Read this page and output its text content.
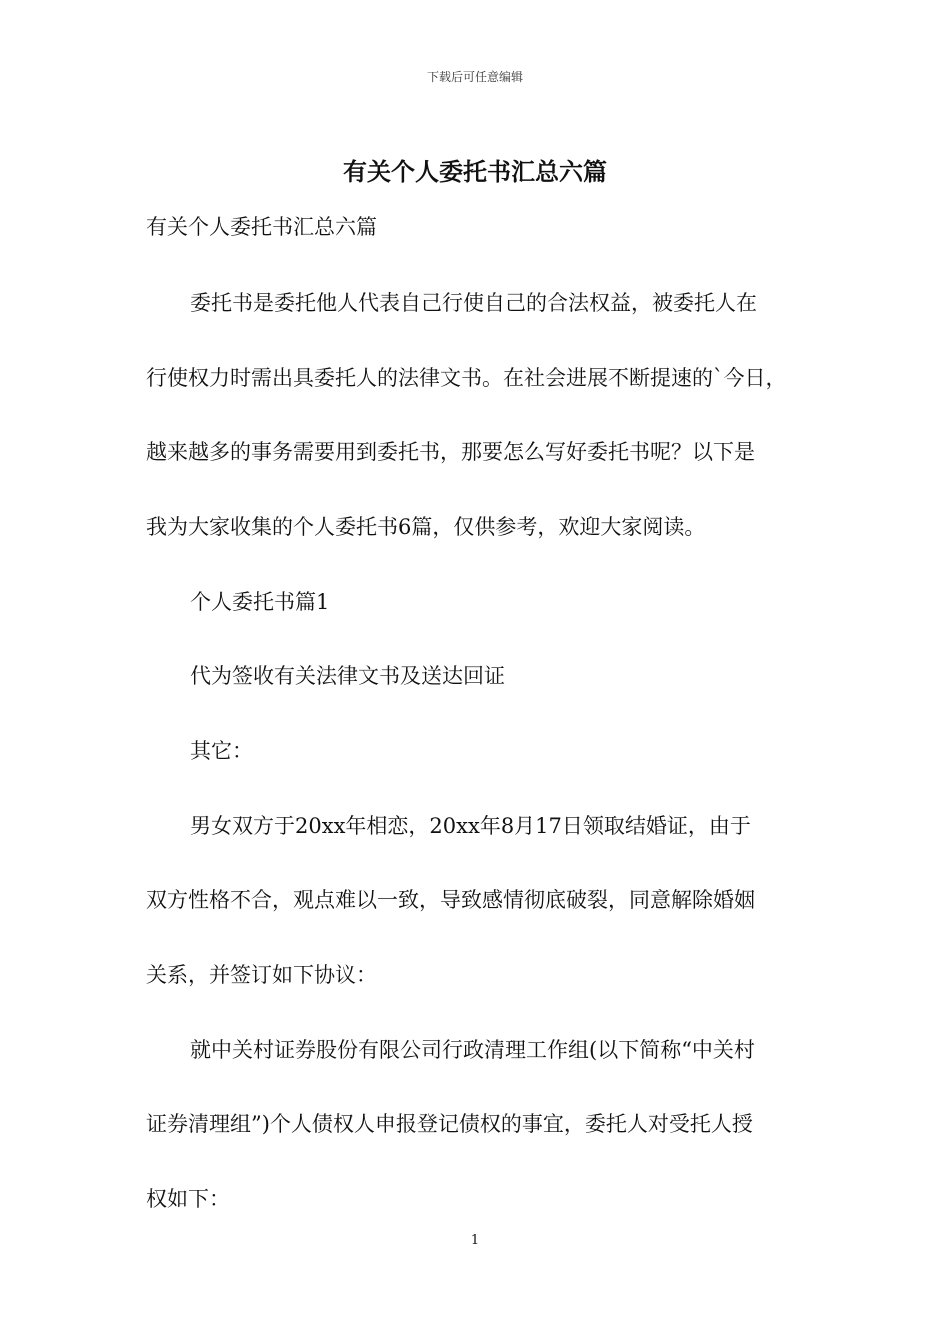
下载后可任意编辑
有关个人委托书汇总六篇
有关个人委托书汇总六篇
委托书是委托他人代表自己行使自己的合法权益，被委托人在
行使权力时需出具委托人的法律文书。在社会进展不断提速的`今日，
越来越多的事务需要用到委托书，那要怎么写好委托书呢？以下是
我为大家收集的个人委托书6篇，仅供参考，欢迎大家阅读。
个人委托书篇1
代为签收有关法律文书及送达回证
其它：
男女双方于20xx年相恋，20xx年8月17日领取结婚证，由于
双方性格不合，观点难以一致，导致感情彻底破裂，同意解除婚姻
关系，并签订如下协议：
就中关村证券股份有限公司行政清理工作组(以下简称“中关村
证券清理组”)个人债权人申报登记债权的事宜，委托人对受托人授
权如下：
1
